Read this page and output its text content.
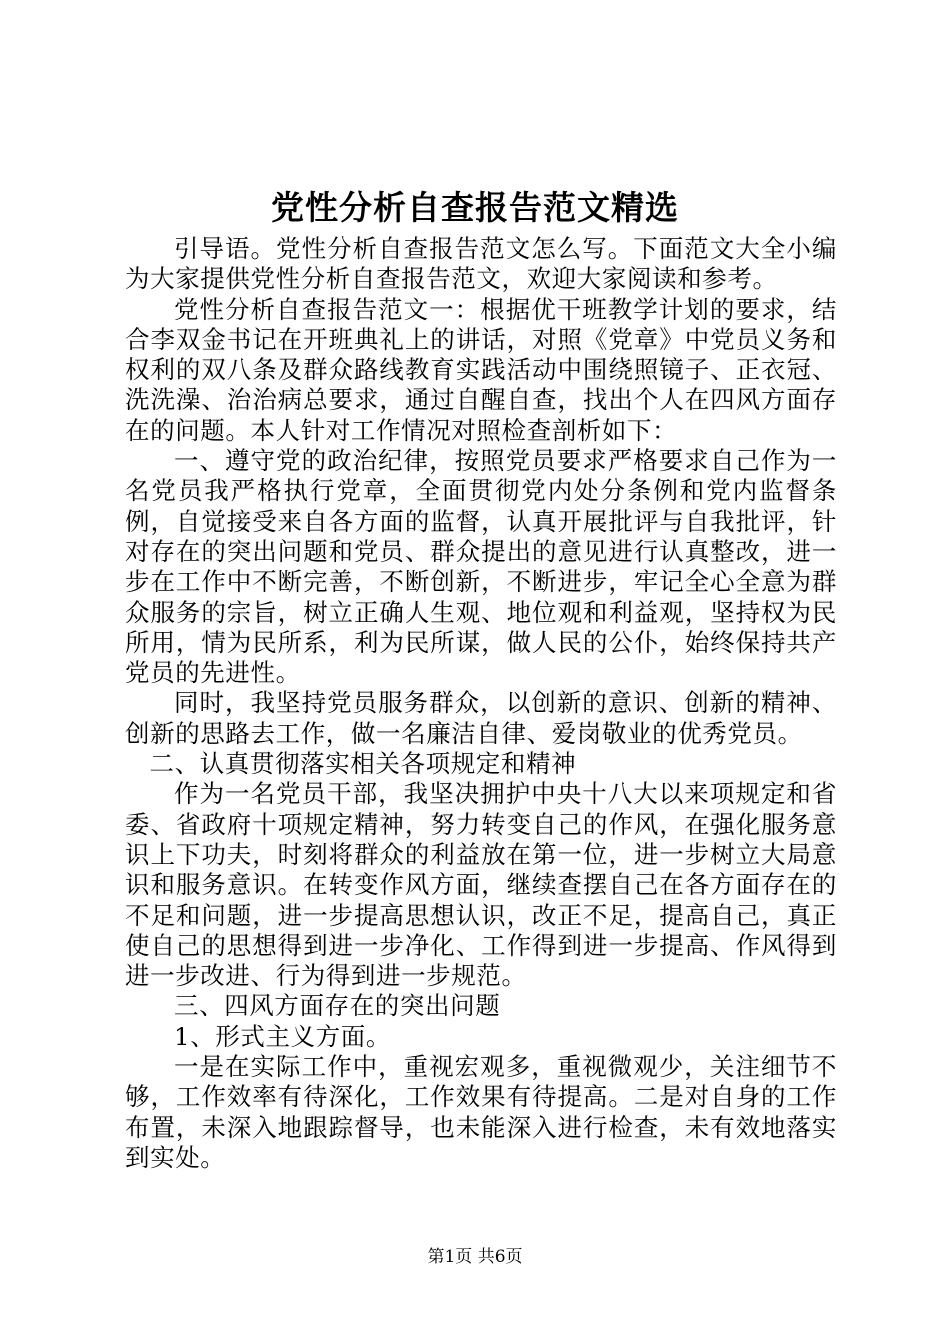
党性分析自查报告范文精选

引导语。党性分析自查报告范文怎么写。下面范文大全小编为大家提供党性分析自查报告范文，欢迎大家阅读和参考。

党性分析自查报告范文一：根据优干班教学计划的要求，结合李双金书记在开班典礼上的讲话，对照《党章》中党员义务和权利的双八条及群众路线教育实践活动中围绕照镜子、正衣冠、洗洗澡、治治病总要求，通过自醒自查，找出个人在四风方面存在的问题。本人针对工作情况对照检查剖析如下：

一、遵守党的政治纪律，按照党员要求严格要求自己作为一名党员我严格执行党章，全面贯彻党内处分条例和党内监督条例，自觉接受来自各方面的监督，认真开展批评与自我批评，针对存在的突出问题和党员、群众提出的意见进行认真整改，进一步在工作中不断完善，不断创新，不断进步，牢记全心全意为群众服务的宗旨，树立正确人生观、地位观和利益观，坚持权为民所用，情为民所系，利为民所谋，做人民的公仆，始终保持共产党员的先进性。

同时，我坚持党员服务群众，以创新的意识、创新的精神、创新的思路去工作，做一名廉洁自律、爱岗敬业的优秀党员。

二、认真贯彻落实相关各项规定和精神

作为一名党员干部，我坚决拥护中央十八大以来项规定和省委、省政府十项规定精神，努力转变自己的作风，在强化服务意识上下功夫，时刻将群众的利益放在第一位，进一步树立大局意识和服务意识。在转变作风方面，继续查摆自己在各方面存在的不足和问题，进一步提高思想认识，改正不足，提高自己，真正使自己的思想得到进一步净化、工作得到进一步提高、作风得到进一步改进、行为得到进一步规范。

三、四风方面存在的突出问题

1、形式主义方面。

一是在实际工作中，重视宏观多，重视微观少，关注细节不够，工作效率有待深化，工作效果有待提高。二是对自身的工作布置，未深入地跟踪督导，也未能深入进行检查，未有效地落实到实处。

第1页 共6页
